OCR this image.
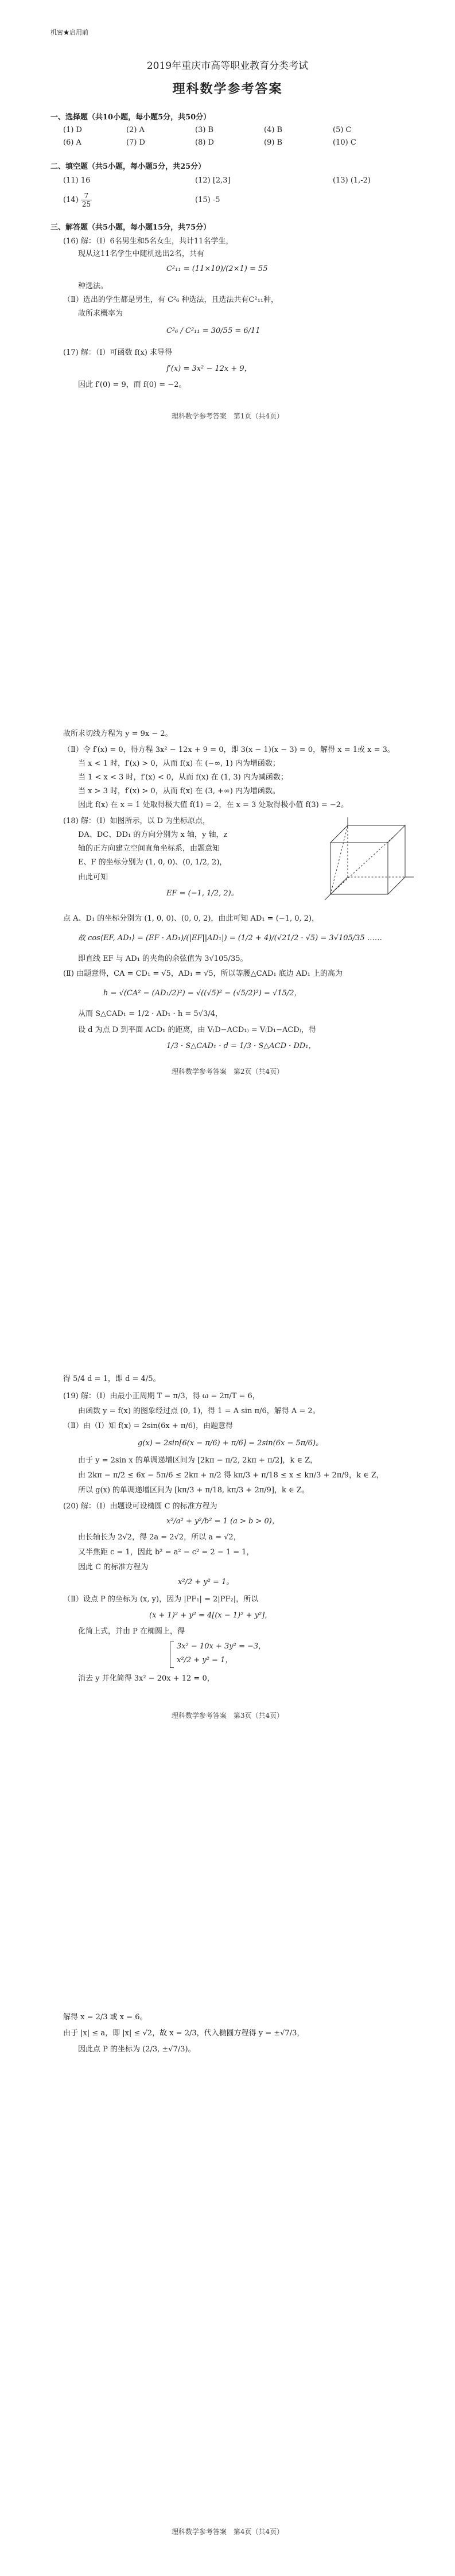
机密★启用前
2019年重庆市高等职业教育分类考试
理科数学参考答案
一、选择题（共10小题，每小题5分，共50分）
(1) D	(2) A	(3) B	(4) B	(5) C
(6) A	(7) D	(8) D	(9) B	(10) C
二、填空题（共5小题，每小题5分，共25分）
(11) 16	(12) [2,3]	(13) (1,-2)
$(14) \frac{7}{25}$	(15) -5
三、解答题（共5小题，每小题15分，共75分）
(16) 解：（Ⅰ）6名男生和5名女生，共计11名学生，
现从这11名学生中随机选出2名，共有
C²₁₁ = (11×10)/(2×1) = 55
种选法。
（Ⅱ）选出的学生都是男生，有 C²₆ 种选法，且选法共有C²₁₁种，
故所求概率为
C²₆ / C²₁₁ = 30/55 = 6/11
(17) 解：（Ⅰ）可函数 f(x) 求导得
f′(x) = 3x² − 12x + 9，
因此 f′(0) = 9，而 f(0) = −2。
理科数学参考答案　第1页（共4页）
故所求切线方程为 y = 9x − 2。
（Ⅱ）令 f′(x) = 0，得方程 3x² − 12x + 9 = 0，即 3(x − 1)(x − 3) = 0，解得 x = 1或 x = 3。
当 x < 1 时，f′(x) > 0，从而 f(x) 在 (−∞, 1) 内为增函数；
当 1 < x < 3 时，f′(x) < 0，从而 f(x) 在 (1, 3) 内为减函数；
当 x > 3 时，f′(x) > 0，从而 f(x) 在 (3, +∞) 内为增函数。
因此 f(x) 在 x = 1 处取得极大值 f(1) = 2，在 x = 3 处取得极小值 f(3) = −2。
(18) 解：（Ⅰ）如图所示，以 D 为坐标原点，
DA、DC、DD₁ 的方向分别为 x 轴，y 轴，z
轴的正方向建立空间直角坐标系，由题意知
E、F 的坐标分别为 (1, 0, 0)、(0, 1/2, 2)，
由此可知
EF = (−1, 1/2, 2)。
点 A、D₁ 的坐标分别为 (1, 0, 0)、(0, 0, 2)，由此可知 AD₁ = (−1, 0, 2)，
故 cos⟨EF, AD₁⟩ = (EF · AD₁)/(|EF||AD₁|) = (1/2 + 4)/(√21/2 · √5) = 3√105/35 ……
即直线 EF 与 AD₁ 的夹角的余弦值为 3√105/35。
(Ⅱ) 由题意得，CA = CD₁ = √5，AD₁ = √5，所以等腰△CAD₁ 底边 AD₁ 上的高为
h = √(CA² − (AD₁/2)²) = √((√5)² − (√5/2)²) = √15/2，
从而 S△CAD₁ = 1/2 · AD₁ · h = 5√3/4，
设 d 为点 D 到平面 ACD₁ 的距离，由 V₍D−ACD₁₎ = V₍D₁−ACD₎，得
1/3 · S△CAD₁ · d = 1/3 · S△ACD · DD₁，
理科数学参考答案　第2页（共4页）
得 5/4 d = 1，即 d = 4/5。
(19) 解：（Ⅰ）由最小正周期 T = π/3，得 ω = 2π/T = 6，
由函数 y = f(x) 的图象经过点 (0, 1)，得 1 = A sin π/6，解得 A = 2。
（Ⅱ）由（Ⅰ）知 f(x) = 2sin(6x + π/6)，由题意得
g(x) = 2sin[6(x − π/6) + π/6] = 2sin(6x − 5π/6)。
由于 y = 2sin x 的单调递增区间为 [2kπ − π/2, 2kπ + π/2]，k ∈ Z，
由 2kπ − π/2 ≤ 6x − 5π/6 ≤ 2kπ + π/2 得 kπ/3 + π/18 ≤ x ≤ kπ/3 + 2π/9，k ∈ Z，
所以 g(x) 的单调递增区间为 [kπ/3 + π/18, kπ/3 + 2π/9]，k ∈ Z。
(20) 解：（Ⅰ）由题设可设椭圆 C 的标准方程为
x²/a² + y²/b² = 1 (a > b > 0)，
由长轴长为 2√2，得 2a = 2√2，所以 a = √2，
又半焦距 c = 1，因此 b² = a² − c² = 2 − 1 = 1，
因此 C 的标准方程为
x²/2 + y² = 1。
（Ⅱ）设点 P 的坐标为 (x, y)，因为 |PF₁| = 2|PF₂|，所以
(x + 1)² + y² = 4[(x − 1)² + y²]，
化简上式，并由 P 在椭圆上，得
3x² − 10x + 3y² = −3，
x²/2 + y² = 1，
消去 y 并化简得 3x² − 20x + 12 = 0，
理科数学参考答案　第3页（共4页）
解得 x = 2/3 或 x = 6。
由于 |x| ≤ a，即 |x| ≤ √2，故 x = 2/3，代入椭圆方程得 y = ±√7/3，
因此点 P 的坐标为 (2/3, ±√7/3)。
理科数学参考答案　第4页（共4页）
